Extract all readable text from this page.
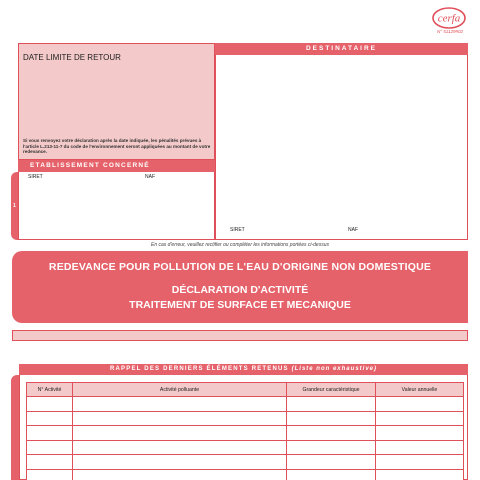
cerfa
N° 51129#02
DATE LIMITE DE RETOUR
Si vous renvoyez votre déclaration après la date indiquée, les pénalités prévues à l'article L.213-11-7 du code de l'environnement seront appliquées au montant de votre redevance.
ETABLISSEMENT CONCERNÉ
1
SIRET	NAF
DESTINATAIRE
SIRET	NAF
En cas d'erreur, veuillez rectifier ou compléter les informations portées ci-dessus
REDEVANCE POUR POLLUTION DE L'EAU D'ORIGINE NON DOMESTIQUE
DÉCLARATION D'ACTIVITÉ
TRAITEMENT DE SURFACE ET MECANIQUE
RAPPEL DES DERNIERS ÉLÉMENTS RETENUS (Liste non exhaustive)
N° Activité	Activité polluante	Grandeur caractéristique	Valeur annuelle
